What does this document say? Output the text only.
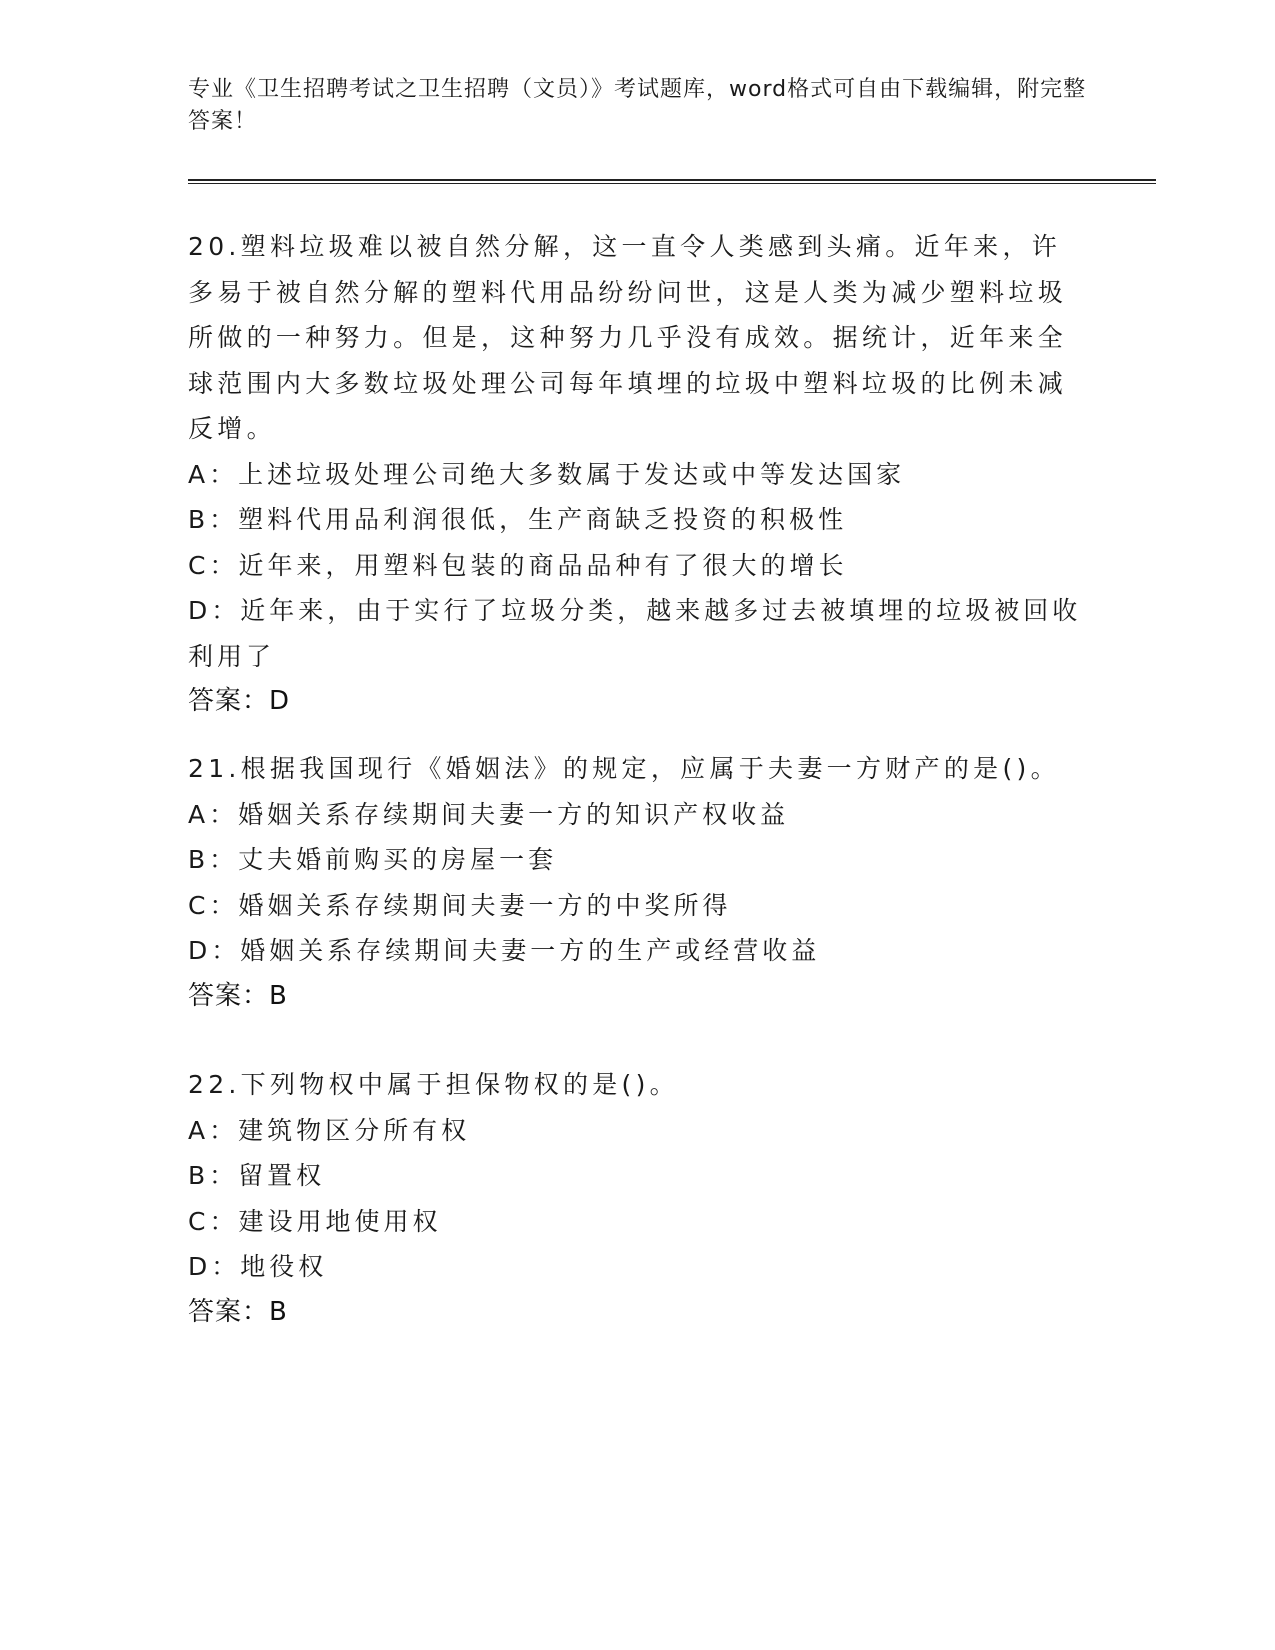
专业《卫生招聘考试之卫生招聘（文员）》考试题库，word格式可自由下载编辑，附完整答案！

20.塑料垃圾难以被自然分解，这一直令人类感到头痛。近年来，许多易于被自然分解的塑料代用品纷纷问世，这是人类为减少塑料垃圾所做的一种努力。但是，这种努力几乎没有成效。据统计，近年来全球范围内大多数垃圾处理公司每年填埋的垃圾中塑料垃圾的比例未减反增。

A：上述垃圾处理公司绝大多数属于发达或中等发达国家

B：塑料代用品利润很低，生产商缺乏投资的积极性

C：近年来，用塑料包装的商品品种有了很大的增长

D：近年来，由于实行了垃圾分类，越来越多过去被填埋的垃圾被回收利用了

答案：D

21.根据我国现行《婚姻法》的规定，应属于夫妻一方财产的是()。

A：婚姻关系存续期间夫妻一方的知识产权收益

B：丈夫婚前购买的房屋一套

C：婚姻关系存续期间夫妻一方的中奖所得

D：婚姻关系存续期间夫妻一方的生产或经营收益

答案：B

22.下列物权中属于担保物权的是()。

A：建筑物区分所有权

B：留置权

C：建设用地使用权

D：地役权

答案：B
